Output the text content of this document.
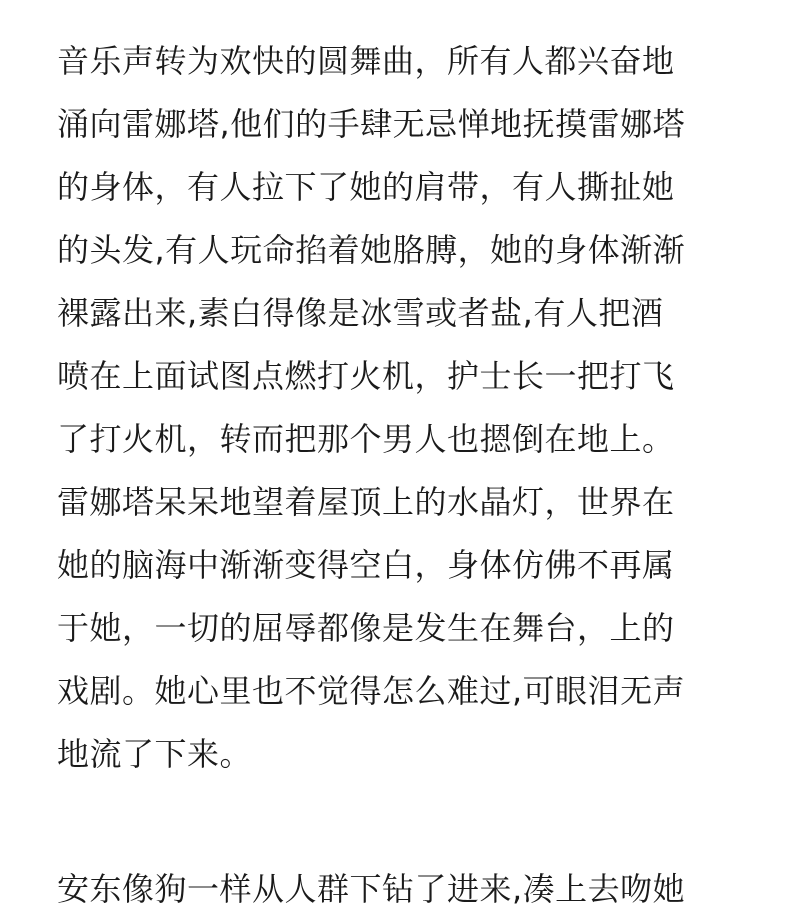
音乐声转为欢快的圆舞曲，所有人都兴奋地
涌向雷娜塔,他们的手肆无忌惮地抚摸雷娜塔
的身体，有人拉下了她的肩带，有人撕扯她
的头发,有人玩命掐着她胳膊，她的身体渐渐
裸露出来,素白得像是冰雪或者盐,有人把酒
喷在上面试图点燃打火机，护士长一把打飞
了打火机，转而把那个男人也摁倒在地上。
雷娜塔呆呆地望着屋顶上的水晶灯，世界在
她的脑海中渐渐变得空白，身体仿佛不再属
于她，一切的屈辱都像是发生在舞台，上的
戏剧。她心里也不觉得怎么难过,可眼泪无声
地流了下来。
安东像狗一样从人群下钻了进来,凑上去吻她
